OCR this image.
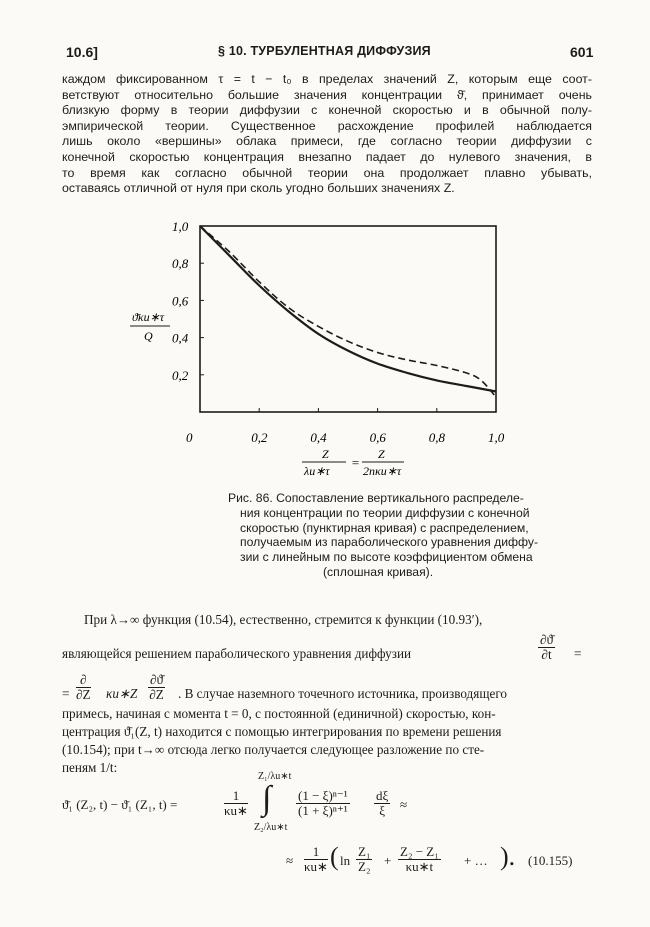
10.6]	§ 10. ТУРБУЛЕНТНАЯ ДИФФУЗИЯ	601
каждом фиксированном τ = t − t₀ в пределах значений Z, которым еще соот-
ветствуют относительно большие значения концентрации ϑ̄, принимает очень
близкую форму в теории диффузии с конечной скоростью и в обычной полу-
эмпирической теории. Существенное расхождение профилей наблюдается
лишь около «вершины» облака примеси, где согласно теории диффузии с
конечной скоростью концентрация внезапно падает до нулевого значения, в
то время как согласно обычной теории она продолжает плавно убывать,
оставаясь отличной от нуля при сколь угодно больших значениях Z.
0	0,2	0,4	0,6	0,8	1,0
0,2
0,4
0,6
0,8
1,0
ϑ̄κu∗τ
Q
Z
λu∗τ
=
Z
2nκu∗τ
Рис. 86. Сопоставление вертикального распределе-
ния концентрации по теории диффузии с конечной
скоростью (пунктирная кривая) с распределением,
получаемым из параболического уравнения диффу-
зии с линейным по высоте коэффициентом обмена
(сплошная кривая).
При λ→∞ функция (10.54), естественно, стремится к функции (10.93′),
являющейся решением параболического уравнения диффузии	$\frac{\partial ϑ̄}{\partial t}$ =
=
∂
∂Z κu∗Z $\frac{\partial ϑ̄}{\partial Z}$ . В случае наземного точечного источника, производящего
примесь, начиная с момента t = 0, с постоянной (единичной) скоростью, кон-
центрация ϑ̄₁(Z, t) находится с помощью интегрирования по времени решения
(10.154); при t→∞ отсюда легко получается следующее разложение по сте-
пеням 1/t:
ϑ̄₁ (Z₂, t) − ϑ̄₁ (Z₁, t) =	$\frac{1}{\kappa u∗}$
Z₁/λu∗t
∫
Z₂/λu∗t
$\frac{\text{(1 − ξ)ⁿ⁻¹}}{\text{(1 + ξ)ⁿ⁺¹}} \frac{d\xi}{\xi}$ ≈
≈ $\frac{1}{\kappa u∗}$ ( $\ln \frac{\text{Z₁}}{\text{Z₂}} + \frac{\text{Z₂ − Z₁}}{\kappa u∗t}$ + … ). (10.155)
